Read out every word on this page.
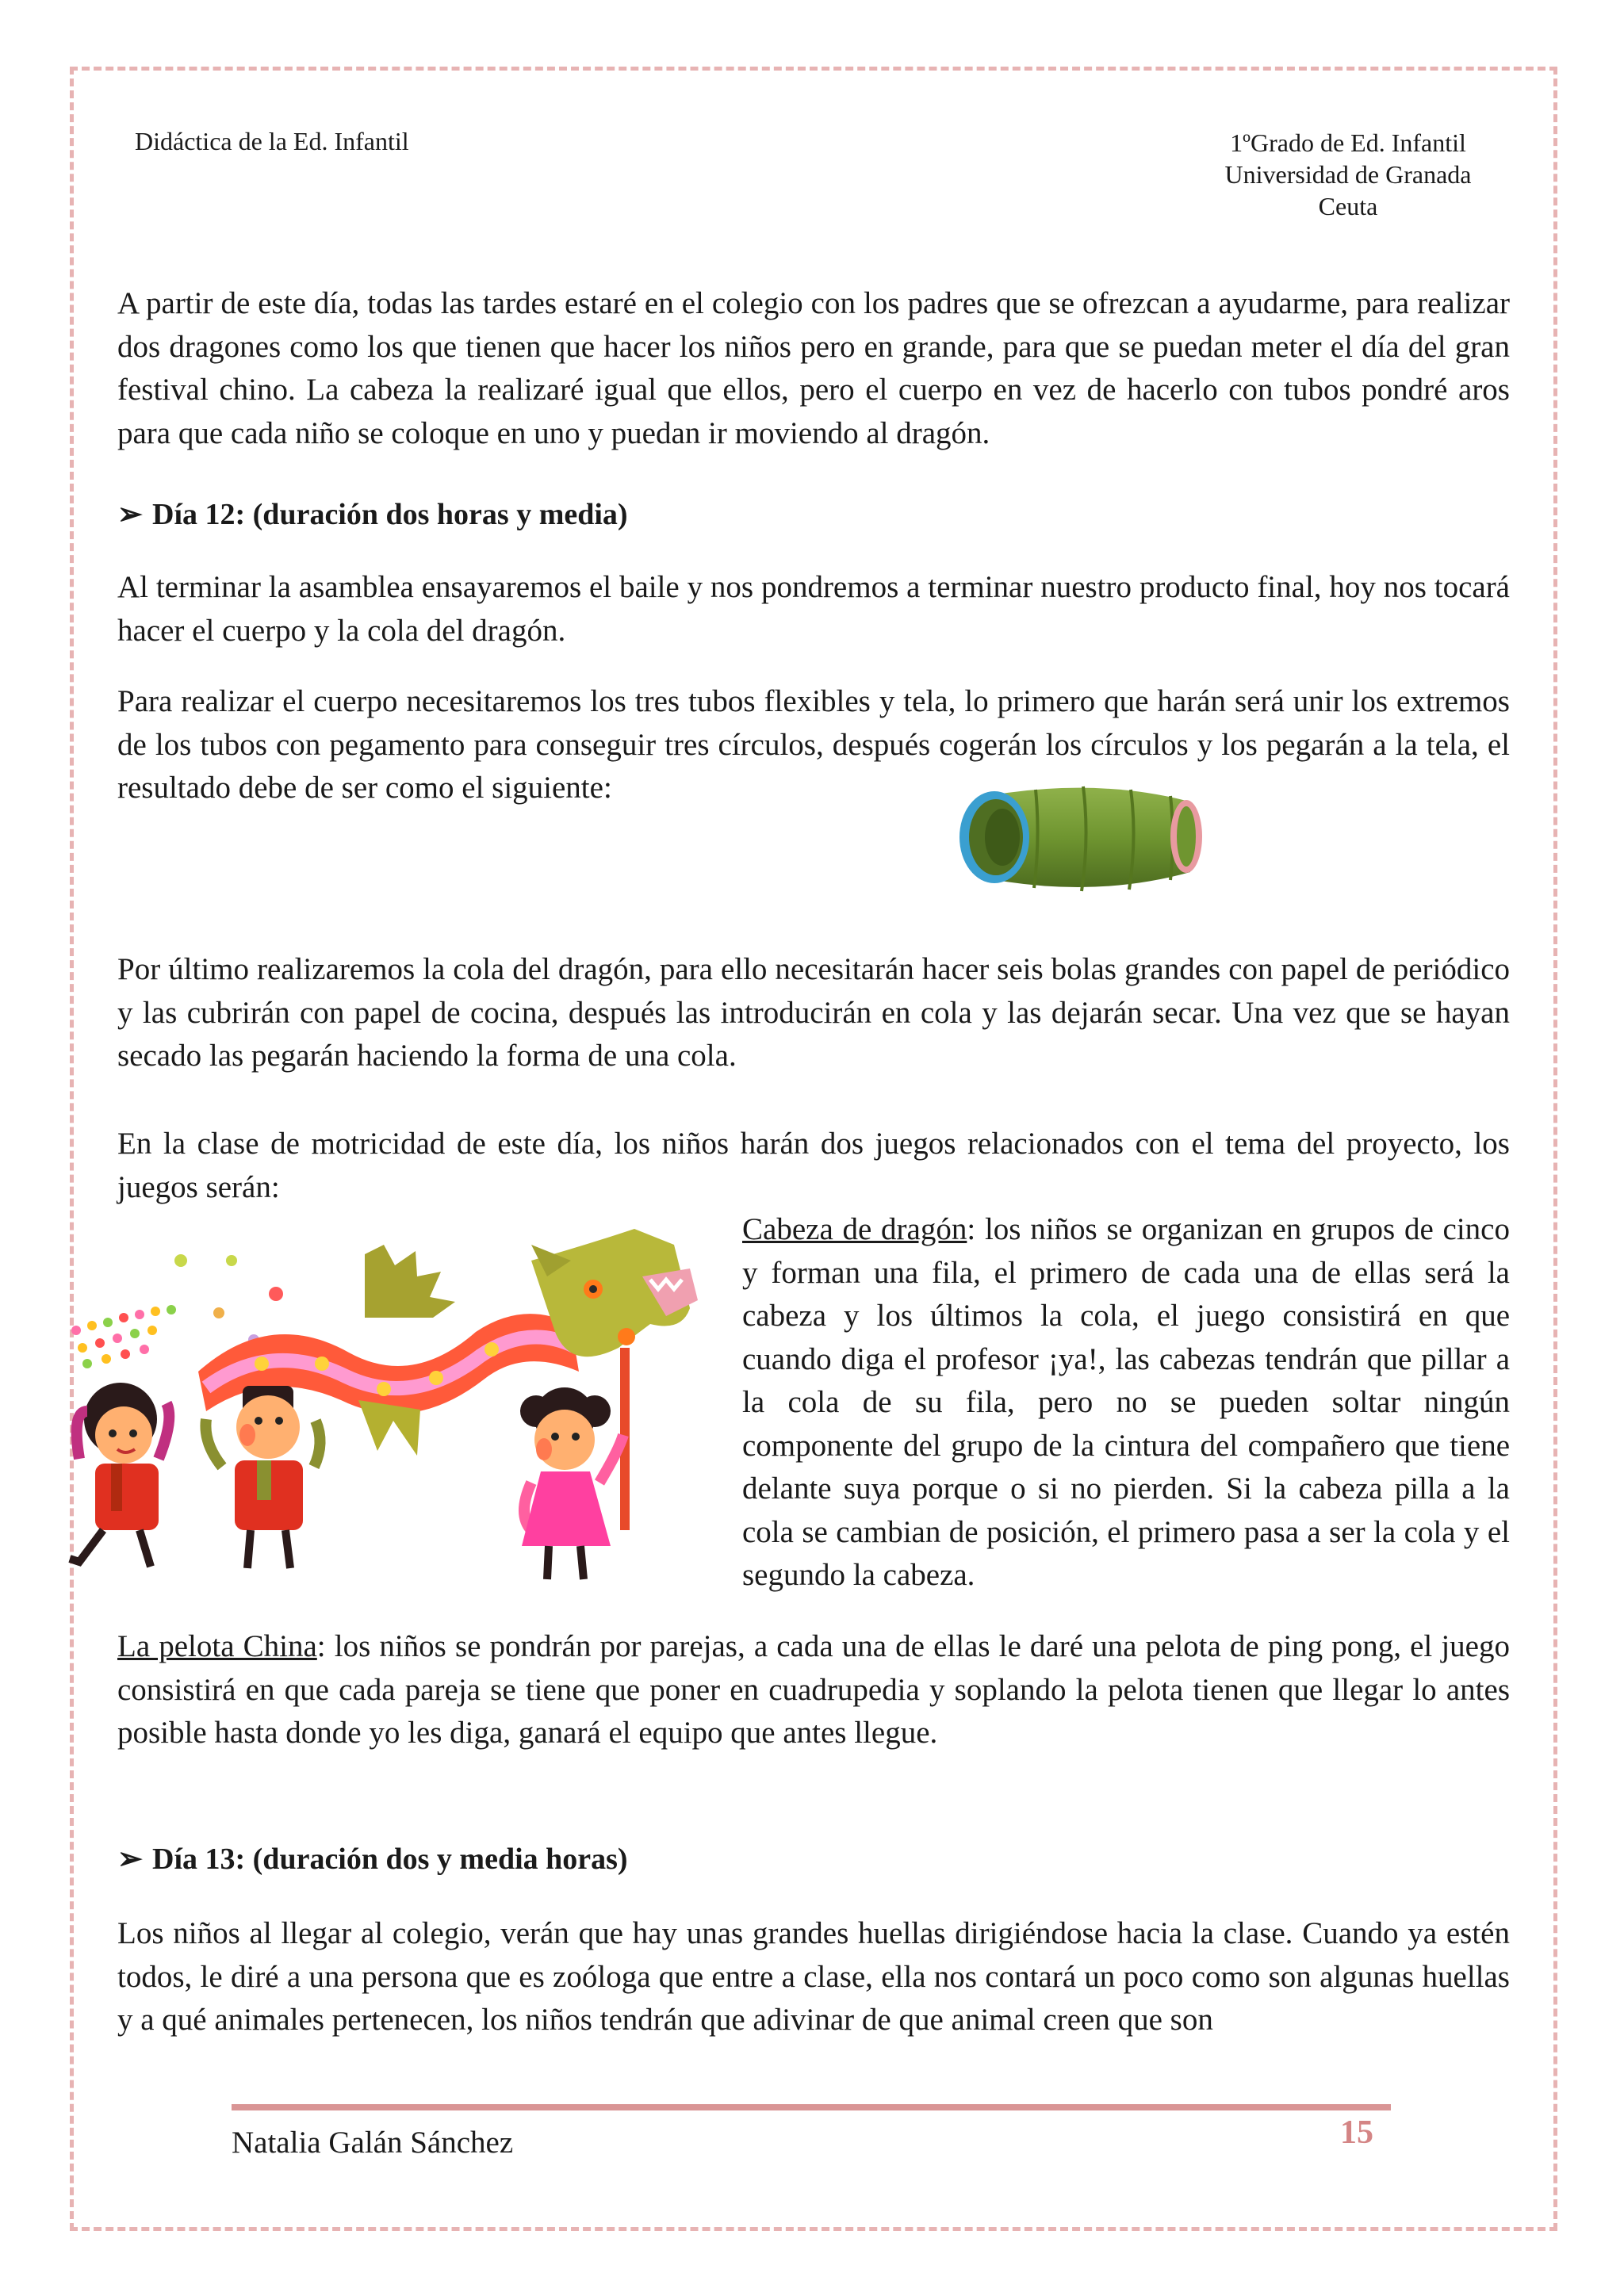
Didáctica de la Ed. Infantil	1ºGrado de Ed. Infantil
Universidad de Granada
Ceuta

A partir de este día, todas las tardes estaré en el colegio con los padres que se ofrezcan a ayudarme, para realizar dos dragones como los que tienen que hacer los niños pero en grande, para que se puedan meter el día del gran festival chino. La cabeza la realizaré igual que ellos, pero el cuerpo en vez de hacerlo con tubos pondré aros para que cada niño se coloque en uno y puedan ir moviendo al dragón.

➢ Día 12: (duración dos horas y media)

Al terminar la asamblea ensayaremos el baile y nos pondremos a terminar nuestro producto final, hoy nos tocará hacer el cuerpo y la cola del dragón.

Para realizar el cuerpo necesitaremos los tres tubos flexibles y tela, lo primero que harán será unir los extremos de los tubos con pegamento para conseguir tres círculos, después cogerán los círculos y los pegarán a la tela, el resultado debe de ser como el siguiente:

Por último realizaremos la cola del dragón, para ello necesitarán hacer seis bolas grandes con papel de periódico y las cubrirán con papel de cocina, después las introducirán en cola y las dejarán secar. Una vez que se hayan secado las pegarán haciendo la forma de una cola.

En la clase de motricidad de este día, los niños harán dos juegos relacionados con el tema del proyecto, los juegos serán:

Cabeza de dragón: los niños se organizan en grupos de cinco y forman una fila, el primero de cada una de ellas será la cabeza y los últimos la cola, el juego consistirá en que cuando diga el profesor ¡ya!, las cabezas tendrán que pillar a la cola de su fila, pero no se pueden soltar ningún componente del grupo de la cintura del compañero que tiene delante suya porque o si no pierden. Si la cabeza pilla a la cola se cambian de posición, el primero pasa a ser la cola y el segundo la cabeza.

La pelota China: los niños se pondrán por parejas, a cada una de ellas le daré una pelota de ping pong, el juego consistirá en que cada pareja se tiene que poner en cuadrupedia y soplando la pelota tienen que llegar lo antes posible hasta donde yo les diga, ganará el equipo que antes llegue.

➢ Día 13: (duración dos y media horas)

Los niños al llegar al colegio, verán que hay unas grandes huellas dirigiéndose hacia la clase. Cuando ya estén todos, le diré a una persona que es zoóloga que entre a clase, ella nos contará un poco como son algunas huellas y a qué animales pertenecen, los niños tendrán que adivinar de que animal creen que son

Natalia Galán Sánchez	15
